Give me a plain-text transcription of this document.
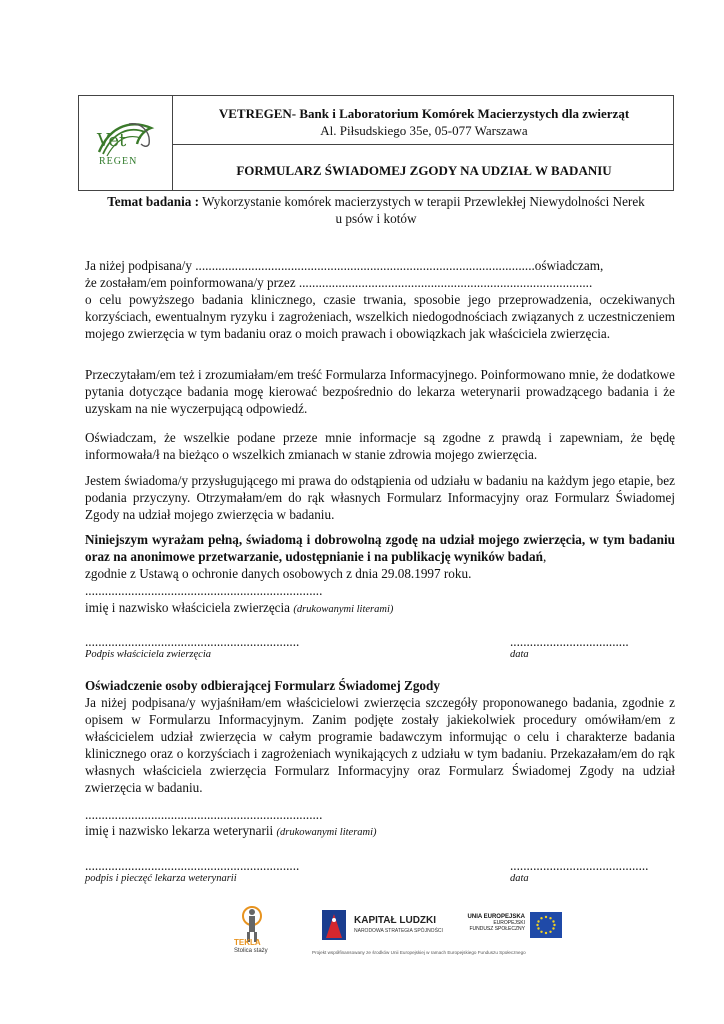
Vet
REGEN
VETREGEN- Bank i Laboratorium Komórek Macierzystych dla zwierząt
Al. Piłsudskiego 35e, 05-077 Warszawa
FORMULARZ ŚWIADOMEJ ZGODY NA UDZIAŁ W BADANIU
Temat badania : Wykorzystanie komórek macierzystych w terapii Przewlekłej Niewydolności Nerek
u psów i kotów

Ja niżej podpisana/y .......................................................................................................oświadczam,

że zostałam/em poinformowana/y przez .........................................................................................

o celu powyższego badania klinicznego, czasie trwania, sposobie jego przeprowadzenia, oczekiwanych korzyściach, ewentualnym ryzyku i zagrożeniach, wszelkich niedogodnościach związanych z uczestniczeniem mojego zwierzęcia w tym badaniu oraz o moich prawach i obowiązkach jak właściciela zwierzęcia.

Przeczytałam/em też i zrozumiałam/em treść Formularza Informacyjnego. Poinformowano mnie, że dodatkowe pytania dotyczące badania mogę kierować bezpośrednio do lekarza weterynarii prowadzącego badania i że uzyskam na nie wyczerpującą odpowiedź.
Oświadczam, że wszelkie podane przeze mnie informacje są zgodne z prawdą i zapewniam, że będę informowała/ł na bieżąco o wszelkich zmianach w stanie zdrowia mojego zwierzęcia.
Jestem świadoma/y przysługującego mi prawa do odstąpienia od udziału w badaniu na każdym jego etapie, bez podania przyczyny. Otrzymałam/em do rąk własnych Formularz Informacyjny oraz Formularz Świadomej Zgody na udział mojego zwierzęcia w badaniu.

Niniejszym wyrażam pełną, świadomą i dobrowolną zgodę na udział mojego zwierzęcia, w tym badaniu oraz na anonimowe przetwarzanie, udostępnianie i na publikację wyników badań,

zgodnie z Ustawą o ochronie danych osobowych z dnia 29.08.1997 roku.

........................................................................

imię i nazwisko właściciela zwierzęcia (drukowanymi literami)

.................................................................	....................................
Podpis właściciela zwierzęcia	data

Oświadczenie osoby odbierającej Formularz Świadomej Zgody

Ja niżej podpisana/y wyjaśniłam/em właścicielowi zwierzęcia szczegóły proponowanego badania, zgodnie z opisem w Formularzu Informacyjnym. Zanim podjęte zostały jakiekolwiek procedury omówiłam/em z właścicielem udział zwierzęcia w całym programie badawczym informując o celu i charakterze badania klinicznego oraz o korzyściach i zagrożeniach wynikających z udziału w tym badaniu. Przekazałam/em do rąk własnych właściciela zwierzęcia Formularz Informacyjny oraz Formularz Świadomej Zgody na udział zwierzęcia w badaniu.

........................................................................
imię i nazwisko lekarza weterynarii (drukowanymi literami)
.................................................................	..........................................
podpis i pieczęć lekarza weterynarii	data
TEKLA
Stolica staży
KAPITAŁ LUDZKI
NARODOWA STRATEGIA SPÓJNOŚCI
UNIA EUROPEJSKA
EUROPEJSKI
FUNDUSZ SPOŁECZNY
Projekt współfinansowany ze środków Unii Europejskiej w ramach Europejskiego Funduszu Społecznego
